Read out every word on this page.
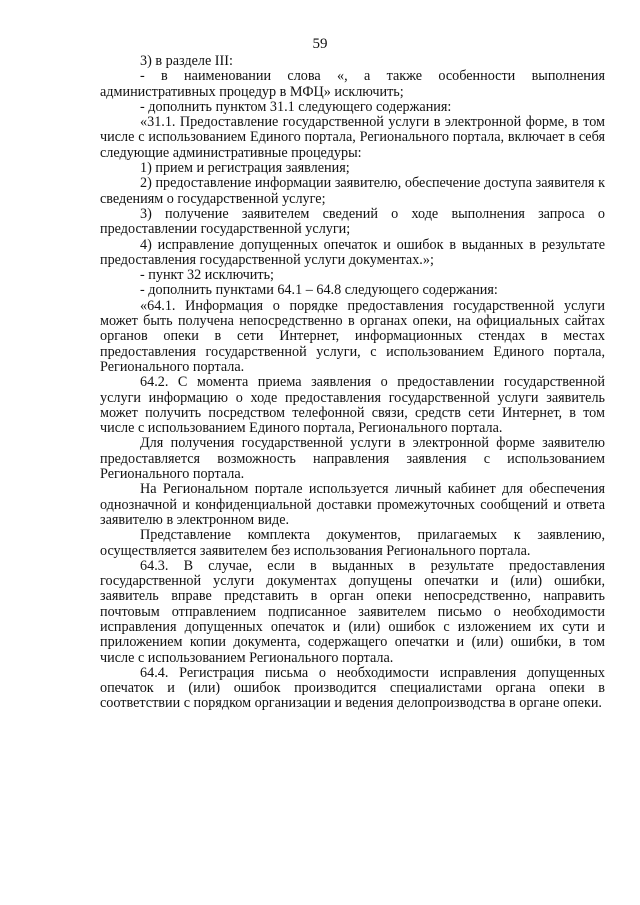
59

3) в разделе III:

- в наименовании слова «, а также особенности выполнения административных процедур в МФЦ» исключить;

- дополнить пунктом 31.1 следующего содержания:

«31.1. Предоставление государственной услуги в электронной форме, в том числе с использованием Единого портала, Регионального портала, включает в себя следующие административные процедуры:

1) прием и регистрация заявления;

2) предоставление информации заявителю, обеспечение доступа заявителя к сведениям о государственной услуге;

3) получение заявителем сведений о ходе выполнения запроса о предоставлении государственной услуги;

4) исправление допущенных опечаток и ошибок в выданных в результате предоставления государственной услуги документах.»;

- пункт 32 исключить;

- дополнить пунктами 64.1 – 64.8 следующего содержания:

«64.1. Информация о порядке предоставления государственной услуги может быть получена непосредственно в органах опеки, на официальных сайтах органов опеки в сети Интернет, информационных стендах в местах предоставления государственной услуги, с использованием Единого портала, Регионального портала.

64.2. С момента приема заявления о предоставлении государственной услуги информацию о ходе предоставления государственной услуги заявитель может получить посредством телефонной связи, средств сети Интернет, в том числе с использованием Единого портала, Регионального портала.

Для получения государственной услуги в электронной форме заявителю предоставляется возможность направления заявления с использованием Регионального портала.

На Региональном портале используется личный кабинет для обеспечения однозначной и конфиденциальной доставки промежуточных сообщений и ответа заявителю в электронном виде.

Представление комплекта документов, прилагаемых к заявлению, осуществляется заявителем без использования Регионального портала.

64.3. В случае, если в выданных в результате предоставления государственной услуги документах допущены опечатки и (или) ошибки, заявитель вправе представить в орган опеки непосредственно, направить почтовым отправлением подписанное заявителем письмо о необходимости исправления допущенных опечаток и (или) ошибок с изложением их сути и приложением копии документа, содержащего опечатки и (или) ошибки, в том числе с использованием Регионального портала.

64.4. Регистрация письма о необходимости исправления допущенных опечаток и (или) ошибок производится специалистами органа опеки в соответствии с порядком организации и ведения делопроизводства в органе опеки.
